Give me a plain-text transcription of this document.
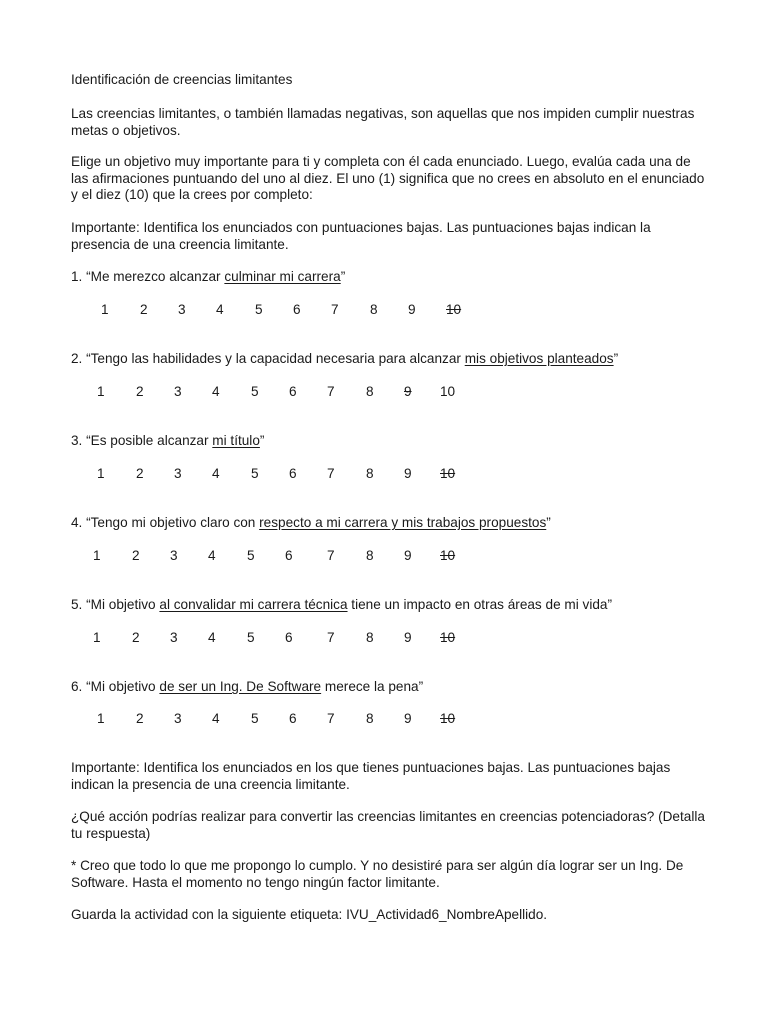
Identificación de creencias limitantes

Las creencias limitantes, o también llamadas negativas, son aquellas que nos impiden cumplir nuestras metas o objetivos.

Elige un objetivo muy importante para ti y completa con él cada enunciado. Luego, evalúa cada una de las afirmaciones puntuando del uno al diez. El uno (1) significa que no crees en absoluto en el enunciado y el diez (10) que la crees por completo:

Importante: Identifica los enunciados con puntuaciones bajas. Las puntuaciones bajas indican la presencia de una creencia limitante.

1. “Me merezco alcanzar culminar mi carrera”
1 2 3 4 5 6 7 8 9 10
2. “Tengo las habilidades y la capacidad necesaria para alcanzar mis objetivos planteados”
1 2 3 4 5 6 7 8 9 10
3. “Es posible alcanzar mi título”
1 2 3 4 5 6 7 8 9 10
4. “Tengo mi objetivo claro con respecto a mi carrera y mis trabajos propuestos”
1 2 3 4 5 6	7 8 9 10
5. “Mi objetivo al convalidar mi carrera técnica tiene un impacto en otras áreas de mi vida”
1 2 3 4 5 6	7 8 9 10
6. “Mi objetivo de ser un Ing. De Software merece la pena”
1 2 3 4 5 6 7 8 9 10

Importante: Identifica los enunciados en los que tienes puntuaciones bajas. Las puntuaciones bajas indican la presencia de una creencia limitante.

¿Qué acción podrías realizar para convertir las creencias limitantes en creencias potenciadoras? (Detalla tu respuesta)

* Creo que todo lo que me propongo lo cumplo. Y no desistiré para ser algún día lograr ser un Ing. De Software. Hasta el momento no tengo ningún factor limitante.

Guarda la actividad con la siguiente etiqueta: IVU_Actividad6_NombreApellido.
